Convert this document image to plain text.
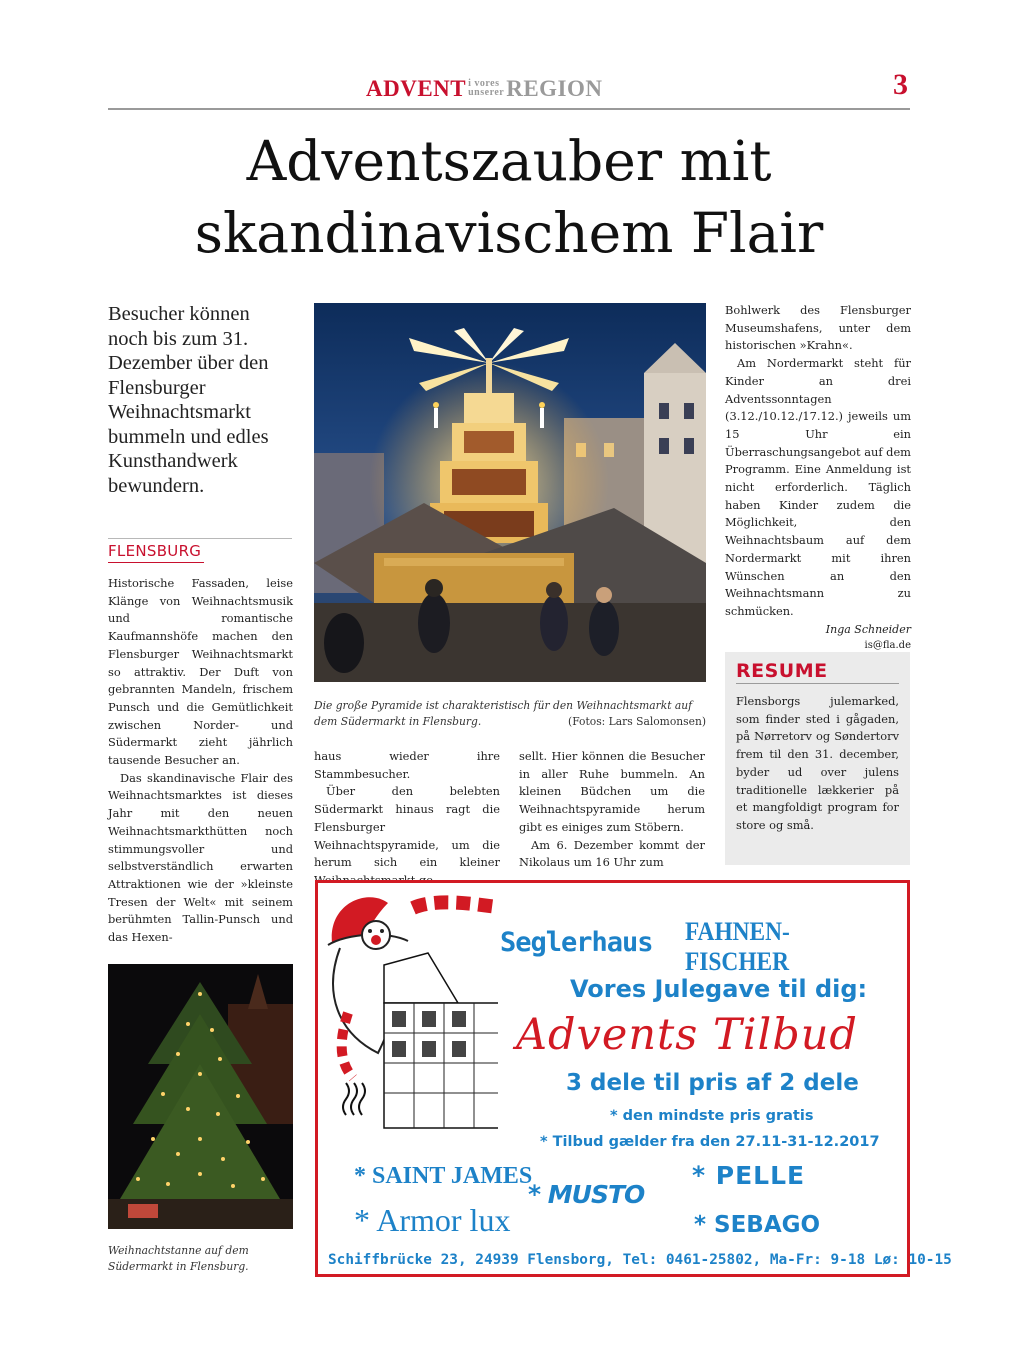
ADVENT i vores
unsererREGION	3
Adventszauber mit skandinavischem Flair
Besucher können noch bis zum 31. Dezember über den Flensburger Weihnachtsmarkt bummeln und edles Kunsthandwerk bewundern.
FLENSBURG

Historische Fassaden, leise Klänge von Weihnachtsmusik und romantische Kaufmannshöfe machen den Flensburger Weihnachtsmarkt so attraktiv. Der Duft von gebrannten Mandeln, frischem Punsch und die Gemütlichkeit zwischen Norder- und Südermarkt zieht jährlich tausende Besucher an.

Das skandinavische Flair des Weihnachtsmarktes ist dieses Jahr mit den neuen Weihnachtsmarkthütten noch stimmungsvoller und selbstverständlich erwarten Attraktionen wie der »kleinste Tresen der Welt« mit seinem berühmten Tallin-Punsch und das Hexen-

Die große Pyramide ist charakteristisch für den Weihnachtsmarkt auf dem Südermarkt in Flensburg.	(Fotos: Lars Salomonsen)

haus wieder ihre Stammbesucher.

Über den belebten Südermarkt hinaus ragt die Flensburger Weihnachtspyramide, um die herum sich ein kleiner

sellt. Hier können die Besucher in aller Ruhe bummeln. An kleinen Büdchen um die Weihnachtspyramide herum gibt es einiges zum Stöbern.

Am 6. Dezember kommt der Nikolaus um 16 Uhr zum

Bohlwerk des Flensburger Museumshafens, unter dem historischen »Krahn«.

Am Nordermarkt steht für Kinder an drei Adventssonntagen (3.12./10.12./17.12.) jeweils um 15 Uhr ein Überraschungsangebot auf dem Programm. Eine Anmeldung ist nicht erforderlich. Täglich haben Kinder zudem die Möglichkeit, den Weihnachtsbaum auf dem Nordermarkt mit ihren Wünschen an den Weihnachtsmann zu schmücken.

Inga Schneider
is@fla.de
RESUME
Flensborgs julemarked, som finder sted i gågaden, på Nørretorv og Søndertorv frem til den 31. december, byder ud over julens traditionelle lækkerier på et mangfoldigt program for store og små.
Weihnachtstanne auf dem Südermarkt in Flensburg.
Seglerhaus FAHNEN-FISCHER
Vores Julegave til dig:
Advents Tilbud
3 dele til pris af 2 dele
* den mindste pris gratis
* Tilbud gælder fra den 27.11-31-12.2017
* SAINT JAMES
* MUSTO
* PELLE
* Armor lux	* SEBAGO
Schiffbrücke 23, 24939 Flensborg, Tel: 0461-25802, Ma-Fr: 9-18 Lø: 10-15
